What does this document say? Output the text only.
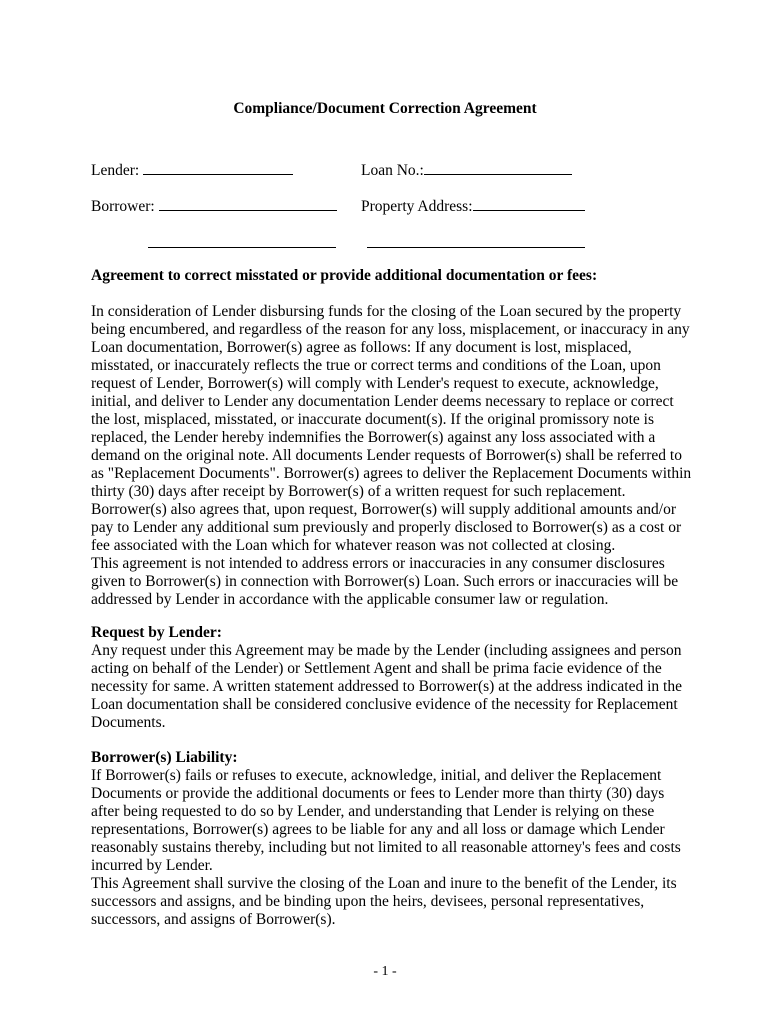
Compliance/Document Correction Agreement
Lender:	Loan No.:
Borrower:	Property Address:
Agreement to correct misstated or provide additional documentation or fees:
In consideration of Lender disbursing funds for the closing of the Loan secured by the property
being encumbered, and regardless of the reason for any loss, misplacement, or inaccuracy in any
Loan documentation, Borrower(s) agree as follows: If any document is lost, misplaced,
misstated, or inaccurately reflects the true or correct terms and conditions of the Loan, upon
request of Lender, Borrower(s) will comply with Lender's request to execute, acknowledge,
initial, and deliver to Lender any documentation Lender deems necessary to replace or correct
the lost, misplaced, misstated, or inaccurate document(s). If the original promissory note is
replaced, the Lender hereby indemnifies the Borrower(s) against any loss associated with a
demand on the original note. All documents Lender requests of Borrower(s) shall be referred to
as "Replacement Documents". Borrower(s) agrees to deliver the Replacement Documents within
thirty (30) days after receipt by Borrower(s) of a written request for such replacement.
Borrower(s) also agrees that, upon request, Borrower(s) will supply additional amounts and/or
pay to Lender any additional sum previously and properly disclosed to Borrower(s) as a cost or
fee associated with the Loan which for whatever reason was not collected at closing.
This agreement is not intended to address errors or inaccuracies in any consumer disclosures
given to Borrower(s) in connection with Borrower(s) Loan. Such errors or inaccuracies will be
addressed by Lender in accordance with the applicable consumer law or regulation.
Request by Lender:
Any request under this Agreement may be made by the Lender (including assignees and person
acting on behalf of the Lender) or Settlement Agent and shall be prima facie evidence of the
necessity for same. A written statement addressed to Borrower(s) at the address indicated in the
Loan documentation shall be considered conclusive evidence of the necessity for Replacement
Documents.
Borrower(s) Liability:
If Borrower(s) fails or refuses to execute, acknowledge, initial, and deliver the Replacement
Documents or provide the additional documents or fees to Lender more than thirty (30) days
after being requested to do so by Lender, and understanding that Lender is relying on these
representations, Borrower(s) agrees to be liable for any and all loss or damage which Lender
reasonably sustains thereby, including but not limited to all reasonable attorney's fees and costs
incurred by Lender.
This Agreement shall survive the closing of the Loan and inure to the benefit of the Lender, its
successors and assigns, and be binding upon the heirs, devisees, personal representatives,
successors, and assigns of Borrower(s).
- 1 -
